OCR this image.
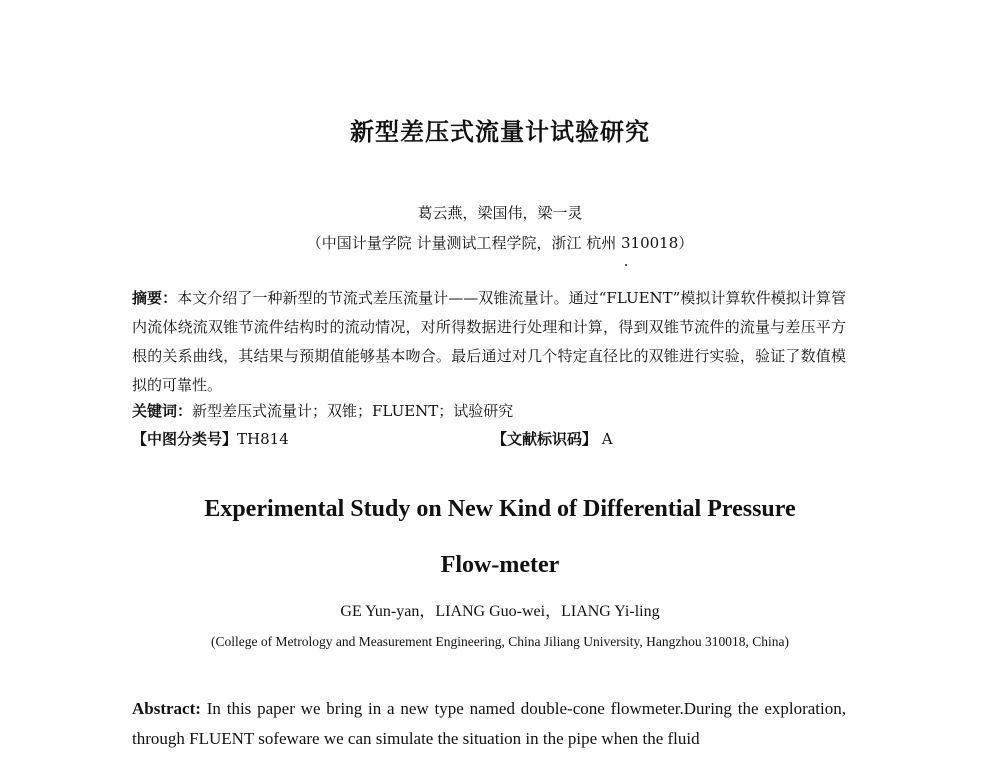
新型差压式流量计试验研究
葛云燕，梁国伟，梁一灵
（中国计量学院 计量测试工程学院，浙江 杭州 310018）
摘要：本文介绍了一种新型的节流式差压流量计——双锥流量计。通过“FLUENT”模拟计算软件模拟计算管内流体绕流双锥节流件结构时的流动情况，对所得数据进行处理和计算，得到双锥节流件的流量与差压平方根的关系曲线，其结果与预期值能够基本吻合。最后通过对几个特定直径比的双锥进行实验，验证了数值模拟的可靠性。
关键词：新型差压式流量计；双锥；FLUENT；试验研究
【中图分类号】TH814	【文献标识码】 A
Experimental Study on New Kind of Differential Pressure
Flow-meter
GE Yun-yan，LIANG Guo-wei，LIANG Yi-ling
(College of Metrology and Measurement Engineering, China Jiliang University, Hangzhou 310018, China)
Abstract: In this paper we bring in a new type named double-cone flowmeter.During the exploration, through FLUENT sofeware we can simulate the situation in the pipe when the fluid
